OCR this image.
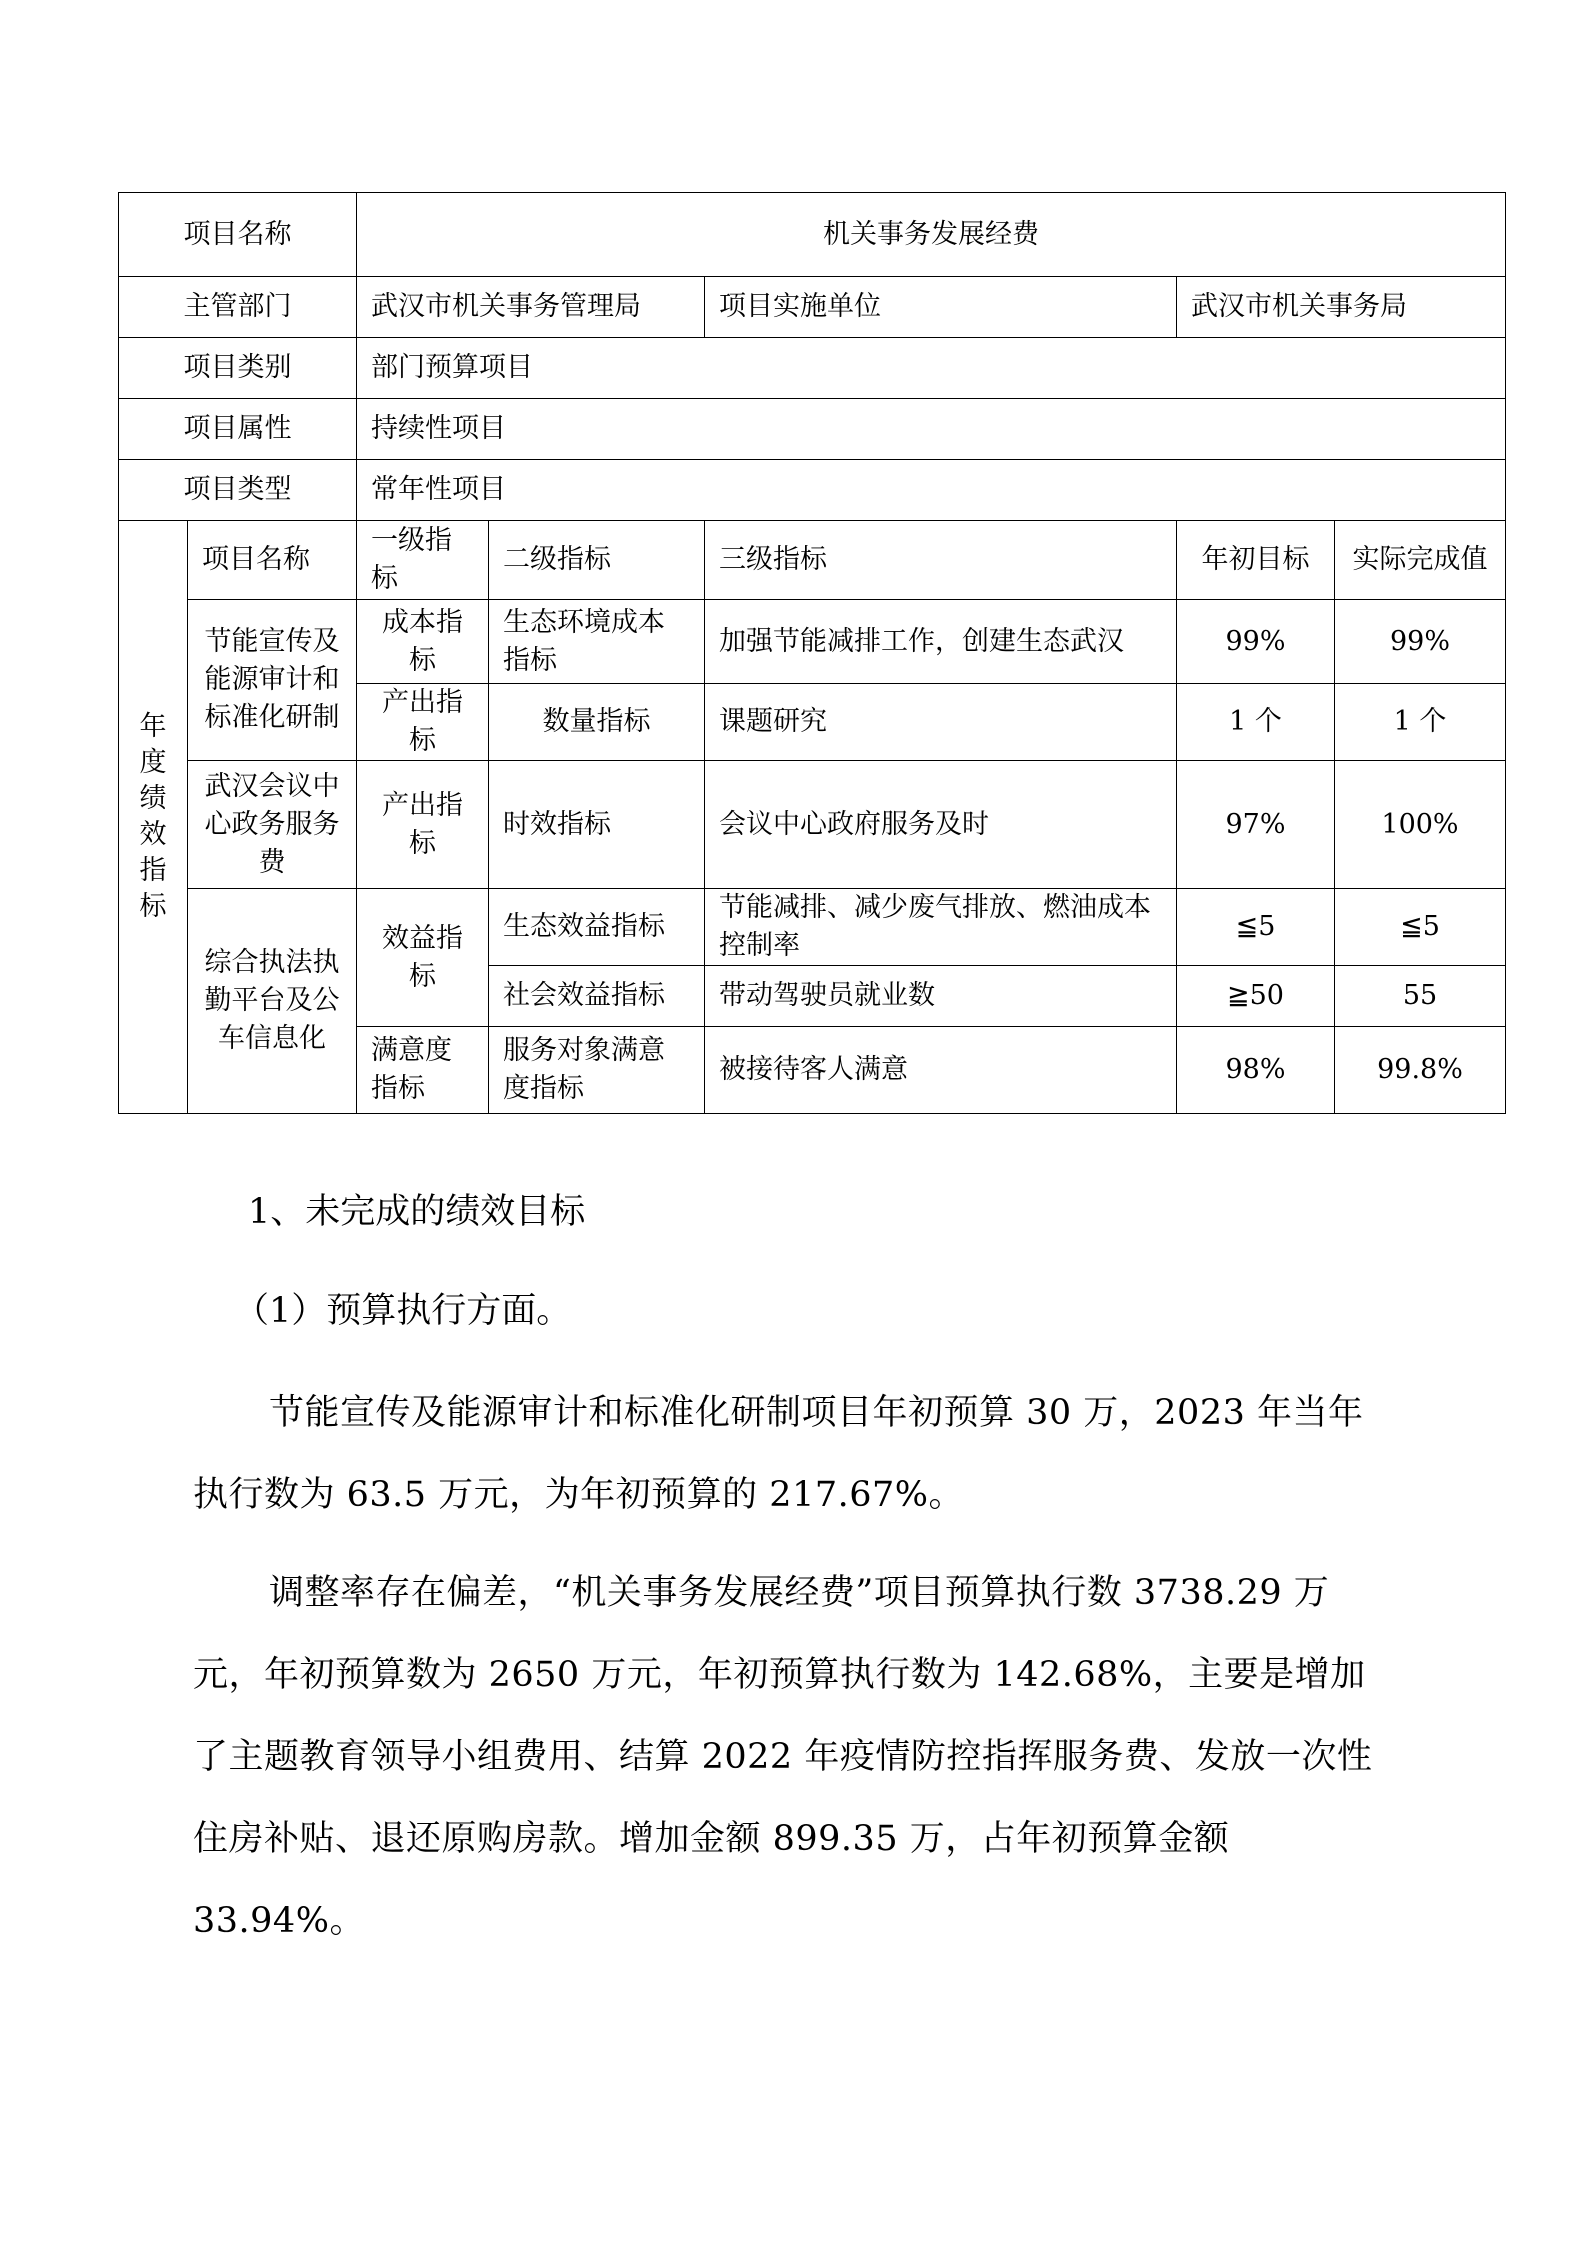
项目名称		机关事务发展经费				
主管部门		武汉市机关事务管理局		项目实施单位	武汉市机关事务局	
项目类别		部门预算项目				
项目属性		持续性项目				
项目类型		常年性项目				

年度绩效指标	项目名称	一级指标	二级指标	三级指标	年初目标	实际完成值
	节能宣传及能源审计和标准化研制	成本指标	生态环境成本指标	加强节能减排工作，创建生态武汉	99%	99%
		产出指标	数量指标	课题研究	1 个	1 个
	武汉会议中心政务服务费	产出指标	时效指标	会议中心政府服务及时	97%	100%
	综合执法执勤平台及公车信息化	效益指标	生态效益指标	节能减排、减少废气排放、燃油成本控制率	≦5	≦5
			社会效益指标	带动驾驶员就业数	≧50	55
		满意度指标	服务对象满意度指标	被接待客人满意	98%	99.8%

1、未完成的绩效目标

（1）预算执行方面。

节能宣传及能源审计和标准化研制项目年初预算 30 万，2023 年当年执行数为 63.5 万元，为年初预算的 217.67%。

调整率存在偏差，“机关事务发展经费”项目预算执行数 3738.29 万元，年初预算数为 2650 万元，年初预算执行数为 142.68%，主要是增加了主题教育领导小组费用、结算 2022 年疫情防控指挥服务费、发放一次性住房补贴、退还原购房款。增加金额 899.35 万，占年初预算金额 33.94%。
